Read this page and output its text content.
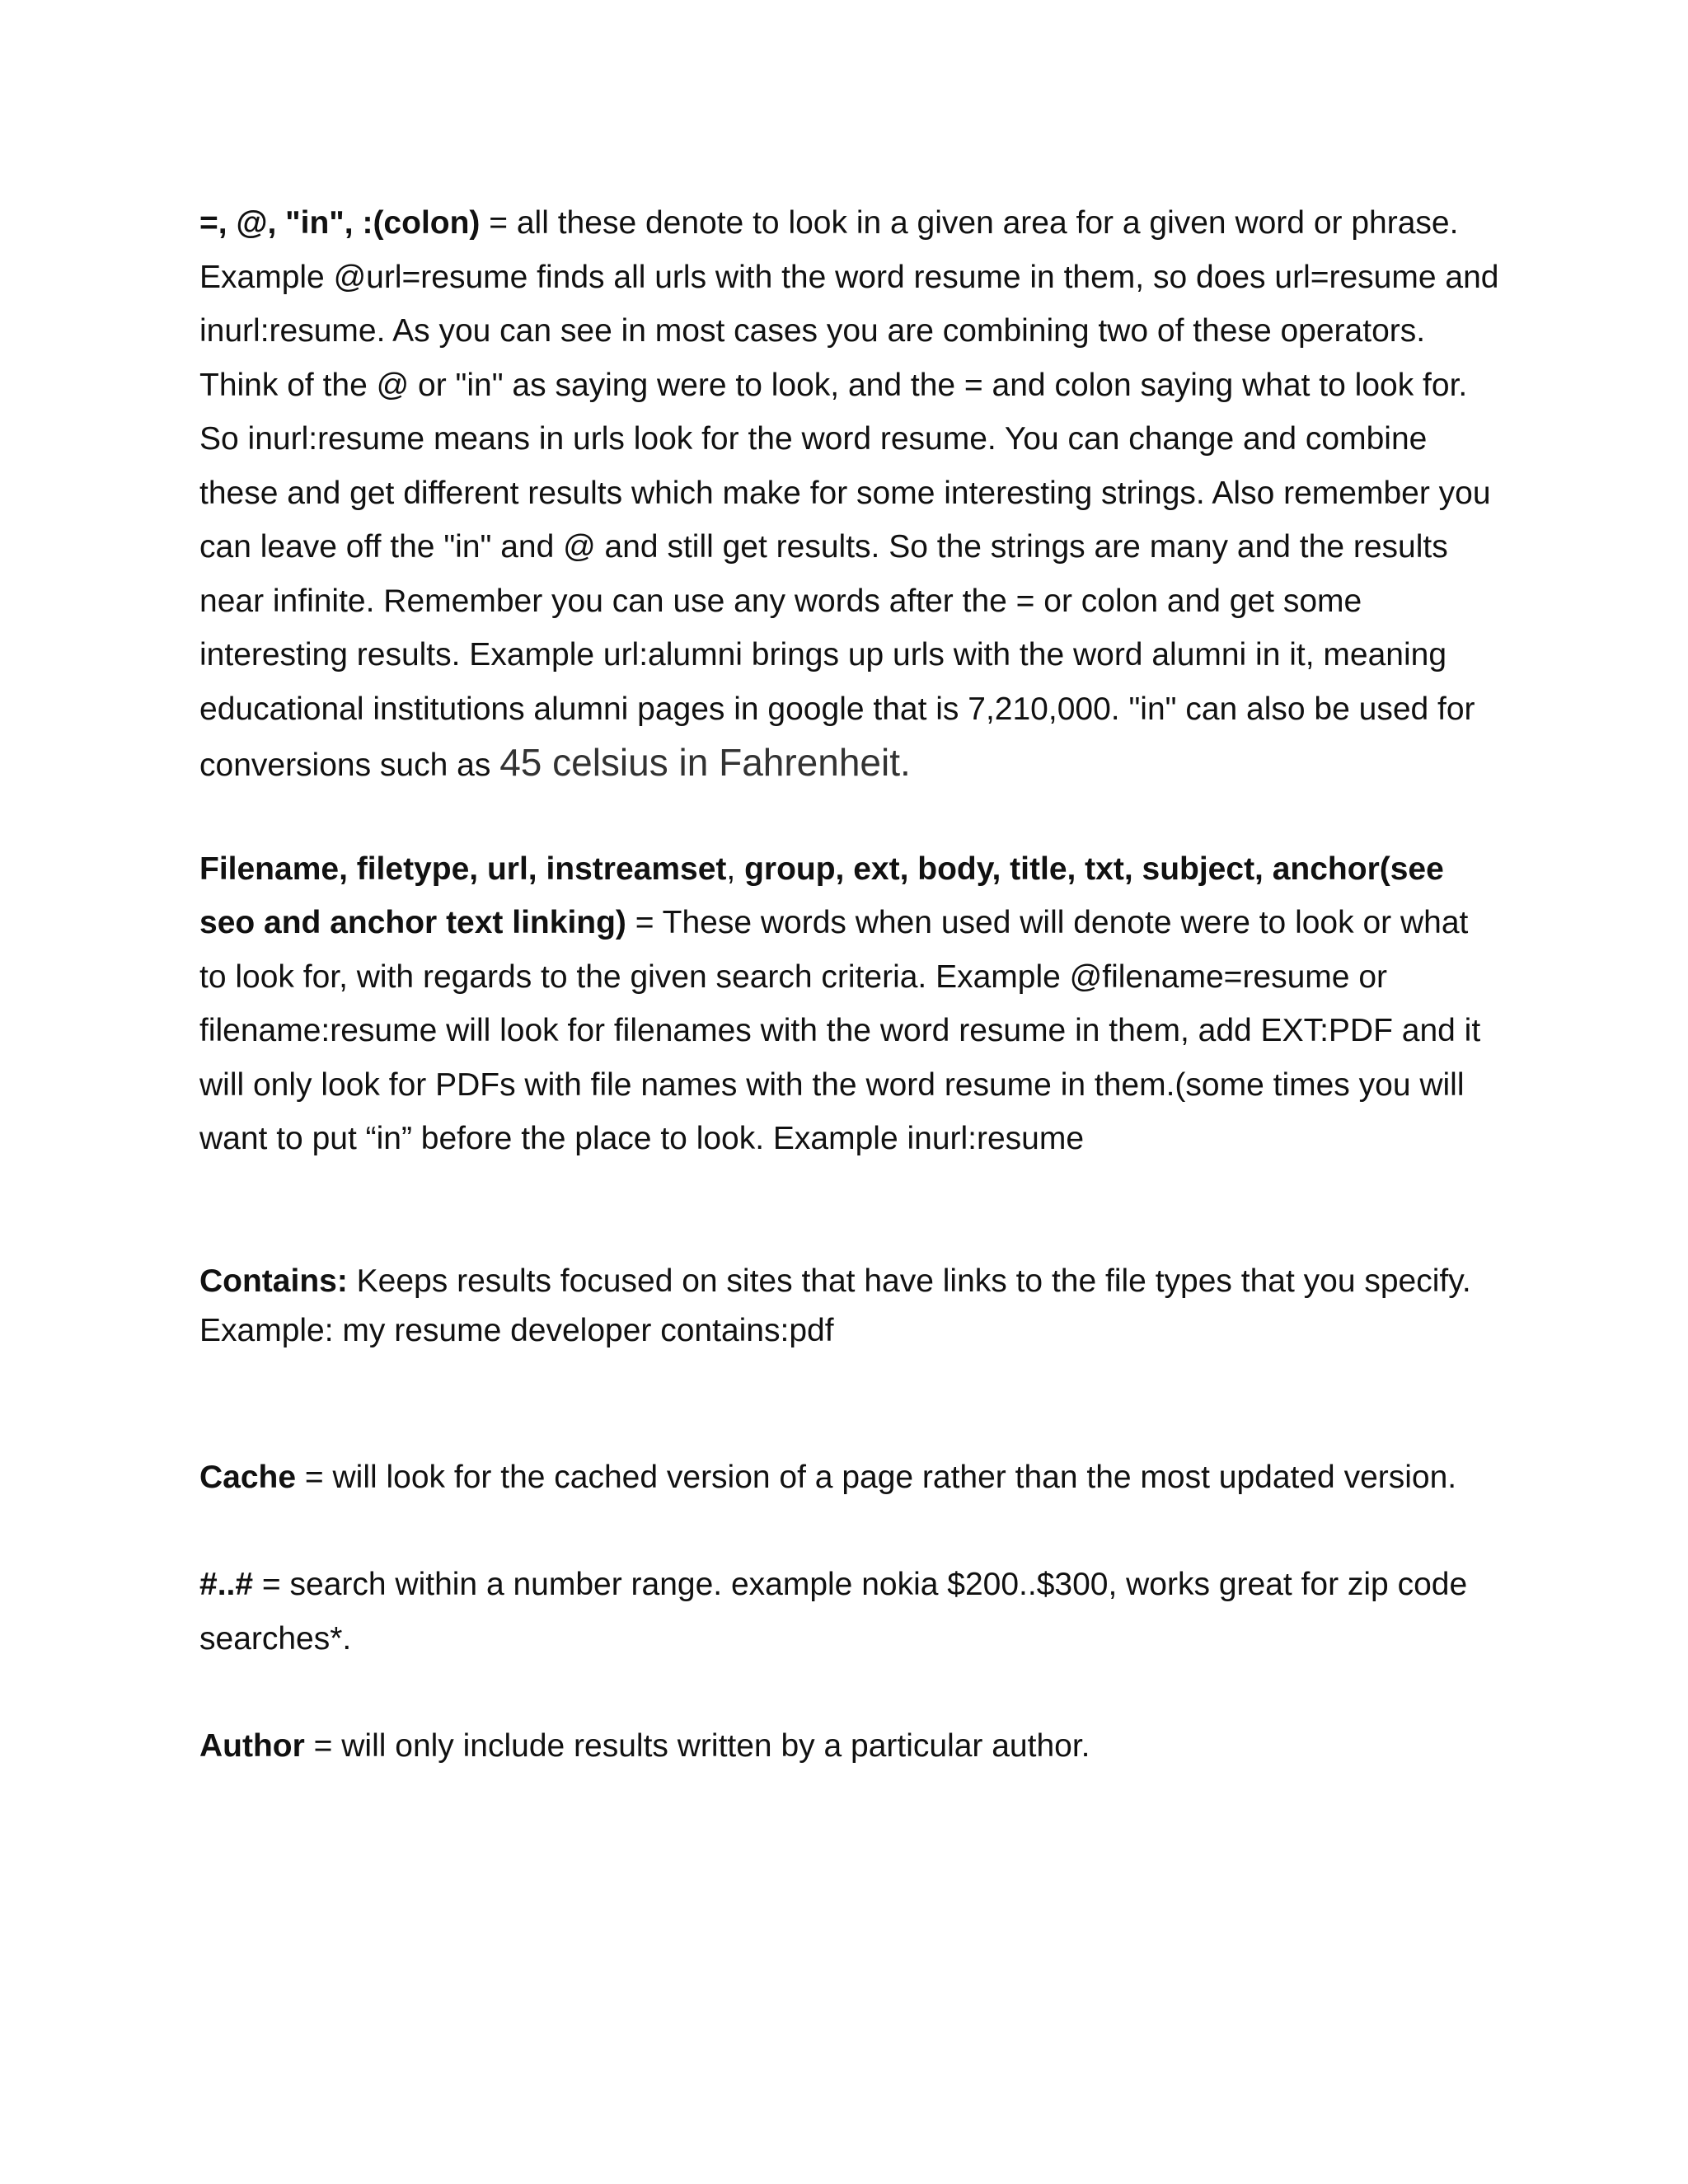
=, @, "in", :(colon) = all these denote to look in a given area for a given word or phrase. Example @url=resume finds all urls with the word resume in them, so does url=resume and inurl:resume. As you can see in most cases you are combining two of these operators. Think of the @ or "in" as saying were to look, and the = and colon saying what to look for. So inurl:resume means in urls look for the word resume. You can change and combine these and get different results which make for some interesting strings. Also remember you can leave off the "in" and @ and still get results. So the strings are many and the results near infinite. Remember you can use any words after the = or colon and get some interesting results. Example url:alumni brings up urls with the word alumni in it, meaning educational institutions alumni pages in google that is 7,210,000. "in" can also be used for conversions such as 45 celsius in Fahrenheit.

Filename, filetype, url, instreamset, group, ext, body, title, txt, subject, anchor(see seo and anchor text linking) = These words when used will denote were to look or what to look for, with regards to the given search criteria. Example @filename=resume or filename:resume will look for filenames with the word resume in them, add EXT:PDF and it will only look for PDFs with file names with the word resume in them.(some times you will want to put “in” before the place to look. Example inurl:resume

Contains: Keeps results focused on sites that have links to the file types that you specify. Example: my resume developer contains:pdf

Cache = will look for the cached version of a page rather than the most updated version.

#..# = search within a number range. example nokia $200..$300, works great for zip code searches*.

Author = will only include results written by a particular author.
